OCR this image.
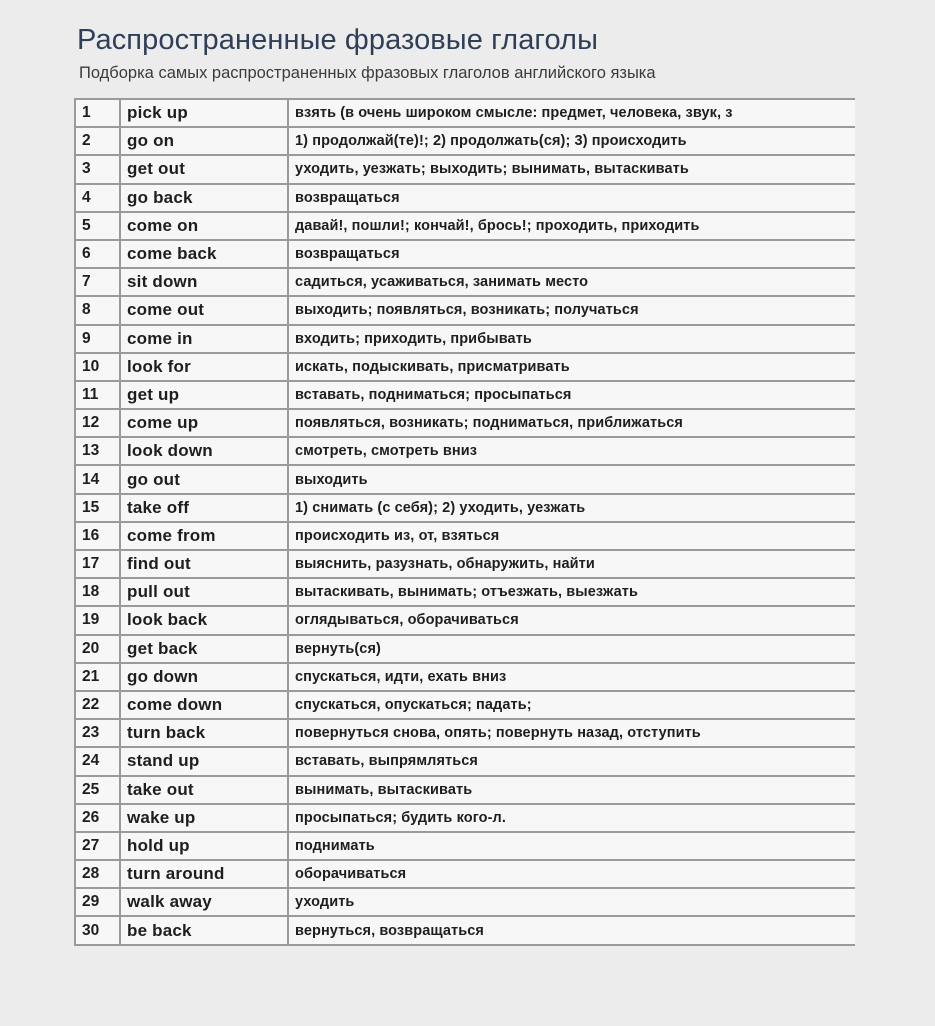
Распространенные фразовые глаголы
Подборка самых распространенных фразовых глаголов английского языка
1	pick up	взять (в очень широком смысле: предмет, человека, звук, з
2	go on	1) продолжай(те)!; 2) продолжать(ся); 3) происходить
3	get out	уходить, уезжать; выходить; вынимать, вытаскивать
4	go back	возвращаться
5	come on	давай!, пошли!; кончай!, брось!; проходить, приходить
6	come back	возвращаться
7	sit down	садиться, усаживаться, занимать место
8	come out	выходить; появляться, возникать; получаться
9	come in	входить; приходить, прибывать
10	look for	искать, подыскивать, присматривать
11	get up	вставать, подниматься; просыпаться
12	come up	появляться, возникать; подниматься, приближаться
13	look down	смотреть, смотреть вниз
14	go out	выходить
15	take off	1) снимать (с себя); 2) уходить, уезжать
16	come from	происходить из, от, взяться
17	find out	выяснить, разузнать, обнаружить, найти
18	pull out	вытаскивать, вынимать; отъезжать, выезжать
19	look back	оглядываться, оборачиваться
20	get back	вернуть(ся)
21	go down	спускаться, идти, ехать вниз
22	come down	спускаться, опускаться; падать;
23	turn back	повернуться снова, опять; повернуть назад, отступить
24	stand up	вставать, выпрямляться
25	take out	вынимать, вытаскивать
26	wake up	просыпаться; будить кого-л.
27	hold up	поднимать
28	turn around	оборачиваться
29	walk away	уходить
30	be back	вернуться, возвращаться
